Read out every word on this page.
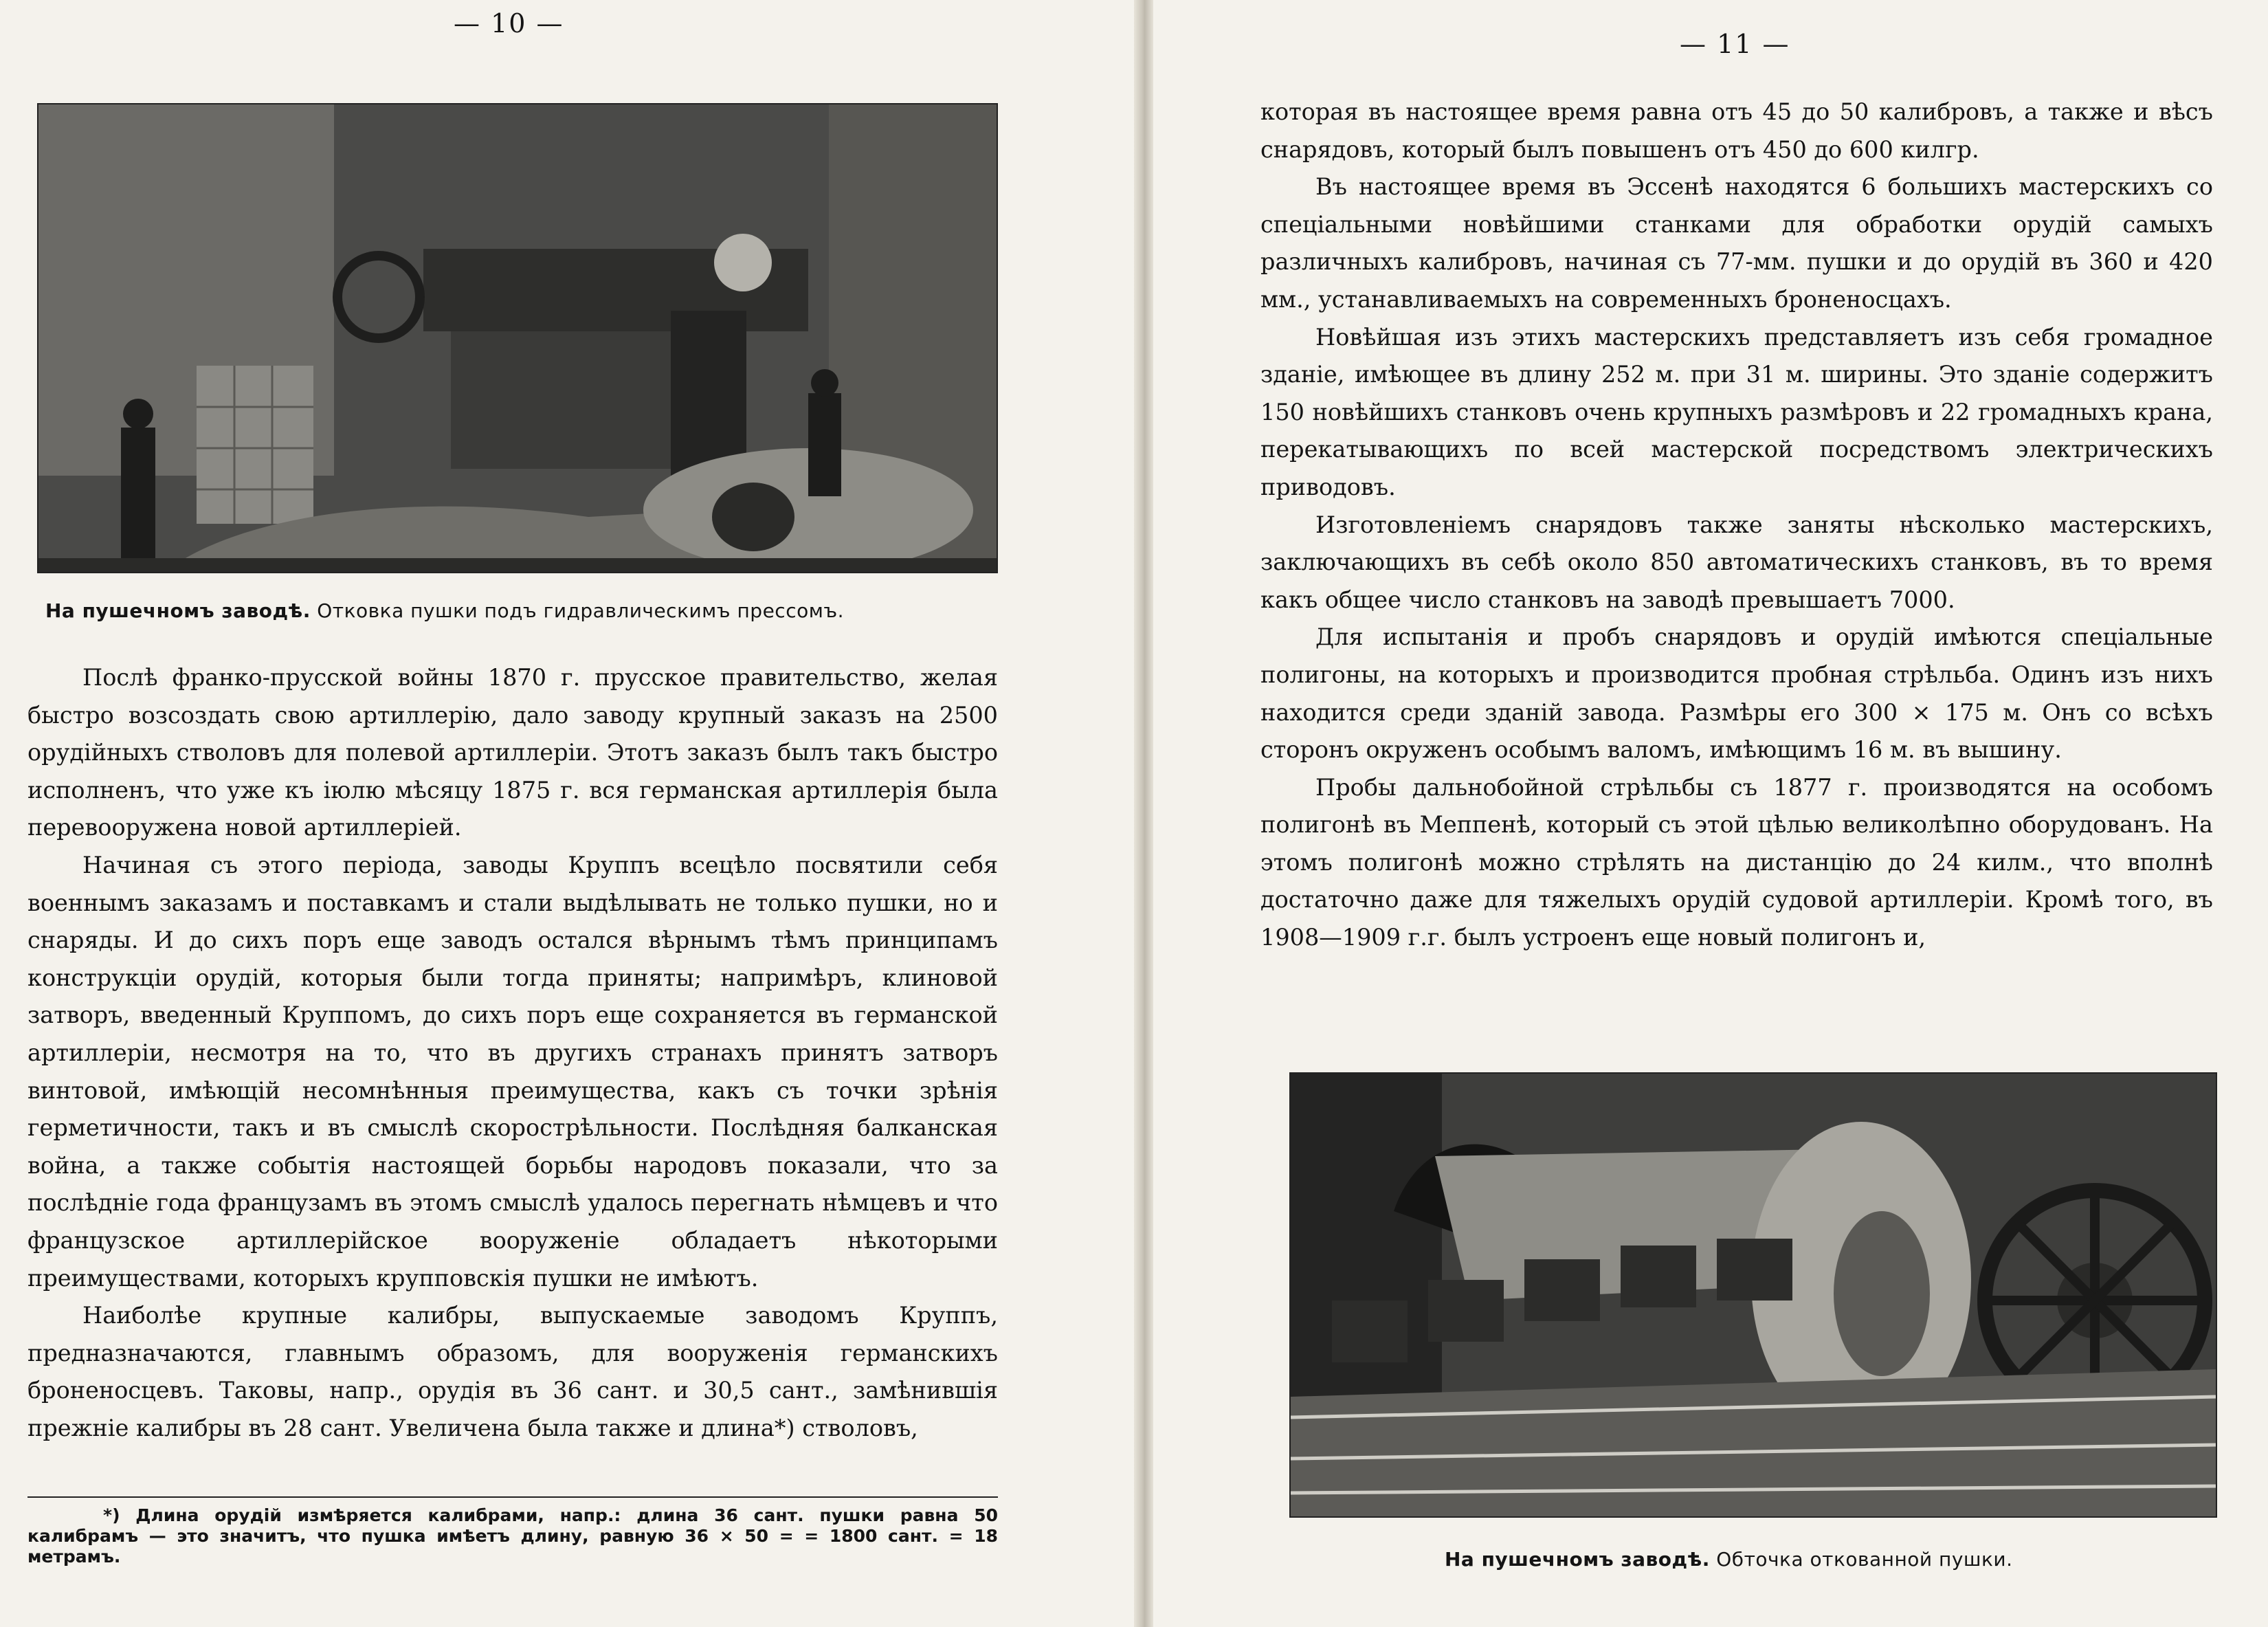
— 10 —
На пушечномъ заводѣ. Отковка пушки подъ гидравлическимъ прессомъ.

Послѣ франко-прусской войны 1870 г. прусское правительство, желая быстро возсоздать свою артиллерію, дало заводу крупный заказъ на 2500 орудійныхъ стволовъ для полевой артиллеріи. Этотъ заказъ былъ такъ быстро исполненъ, что уже къ іюлю мѣсяцу 1875 г. вся германская артиллерія была перевооружена новой артиллеріей.

Начиная съ этого періода, заводы Круппъ всецѣло посвятили себя военнымъ заказамъ и поставкамъ и стали выдѣлывать не только пушки, но и снаряды. И до сихъ поръ еще заводъ остался вѣрнымъ тѣмъ принципамъ конструкціи орудій, которыя были тогда приняты; напримѣръ, клиновой затворъ, введенный Круппомъ, до сихъ поръ еще сохраняется въ германской артиллеріи, несмотря на то, что въ другихъ странахъ принятъ затворъ винтовой, имѣющій несомнѣнныя преимущества, какъ съ точки зрѣнія герметичности, такъ и въ смыслѣ скорострѣльности. Послѣдняя балканская война, а также событія настоящей борьбы народовъ показали, что за послѣдніе года французамъ въ этомъ смыслѣ удалось перегнать нѣмцевъ и что французское артиллерійское вооруженіе обладаетъ нѣкоторыми преимуществами, которыхъ крупповскія пушки не имѣютъ.

Наиболѣе крупные калибры, выпускаемые заводомъ Круппъ, предназначаются, главнымъ образомъ, для вооруженія германскихъ броненосцевъ. Таковы, напр., орудія въ 36 сант. и 30,5 сант., замѣнившія прежніе калибры въ 28 сант. Увеличена была также и длина*) стволовъ,

*) Длина орудій измѣряется калибрами, напр.: длина 36 сант. пушки равна 50 калибрамъ — это значитъ, что пушка имѣетъ длину, равную 36 × 50 = = 1800 сант. = 18 метрамъ.

— 11 —

которая въ настоящее время равна отъ 45 до 50 калибровъ, а также и вѣсъ снарядовъ, который былъ повышенъ отъ 450 до 600 килгр.

Въ настоящее время въ Эссенѣ находятся 6 большихъ мастерскихъ со спеціальными новѣйшими станками для обработки орудій самыхъ различныхъ калибровъ, начиная съ 77-мм. пушки и до орудій въ 360 и 420 мм., устанавливаемыхъ на современныхъ броненосцахъ.

Новѣйшая изъ этихъ мастерскихъ представляетъ изъ себя громадное зданіе, имѣющее въ длину 252 м. при 31 м. ширины. Это зданіе содержитъ 150 новѣйшихъ станковъ очень крупныхъ размѣровъ и 22 громадныхъ крана, перекатывающихъ по всей мастерской посредствомъ электрическихъ приводовъ.

Изготовленіемъ снарядовъ также заняты нѣсколько мастерскихъ, заключающихъ въ себѣ около 850 автоматическихъ станковъ, въ то время какъ общее число станковъ на заводѣ превышаетъ 7000.

Для испытанія и пробъ снарядовъ и орудій имѣются спеціальные полигоны, на которыхъ и производится пробная стрѣльба. Одинъ изъ нихъ находится среди зданій завода. Размѣры его 300 × 175 м. Онъ со всѣхъ сторонъ окруженъ особымъ валомъ, имѣющимъ 16 м. въ вышину.

Пробы дальнобойной стрѣльбы съ 1877 г. производятся на особомъ полигонѣ въ Меппенѣ, который съ этой цѣлью великолѣпно оборудованъ. На этомъ полигонѣ можно стрѣлять на дистанцію до 24 килм., что вполнѣ достаточно даже для тяжелыхъ орудій судовой артиллеріи. Кромѣ того, въ 1908—1909 г.г. былъ устроенъ еще новый полигонъ и,

На пушечномъ заводѣ. Обточка откованной пушки.
